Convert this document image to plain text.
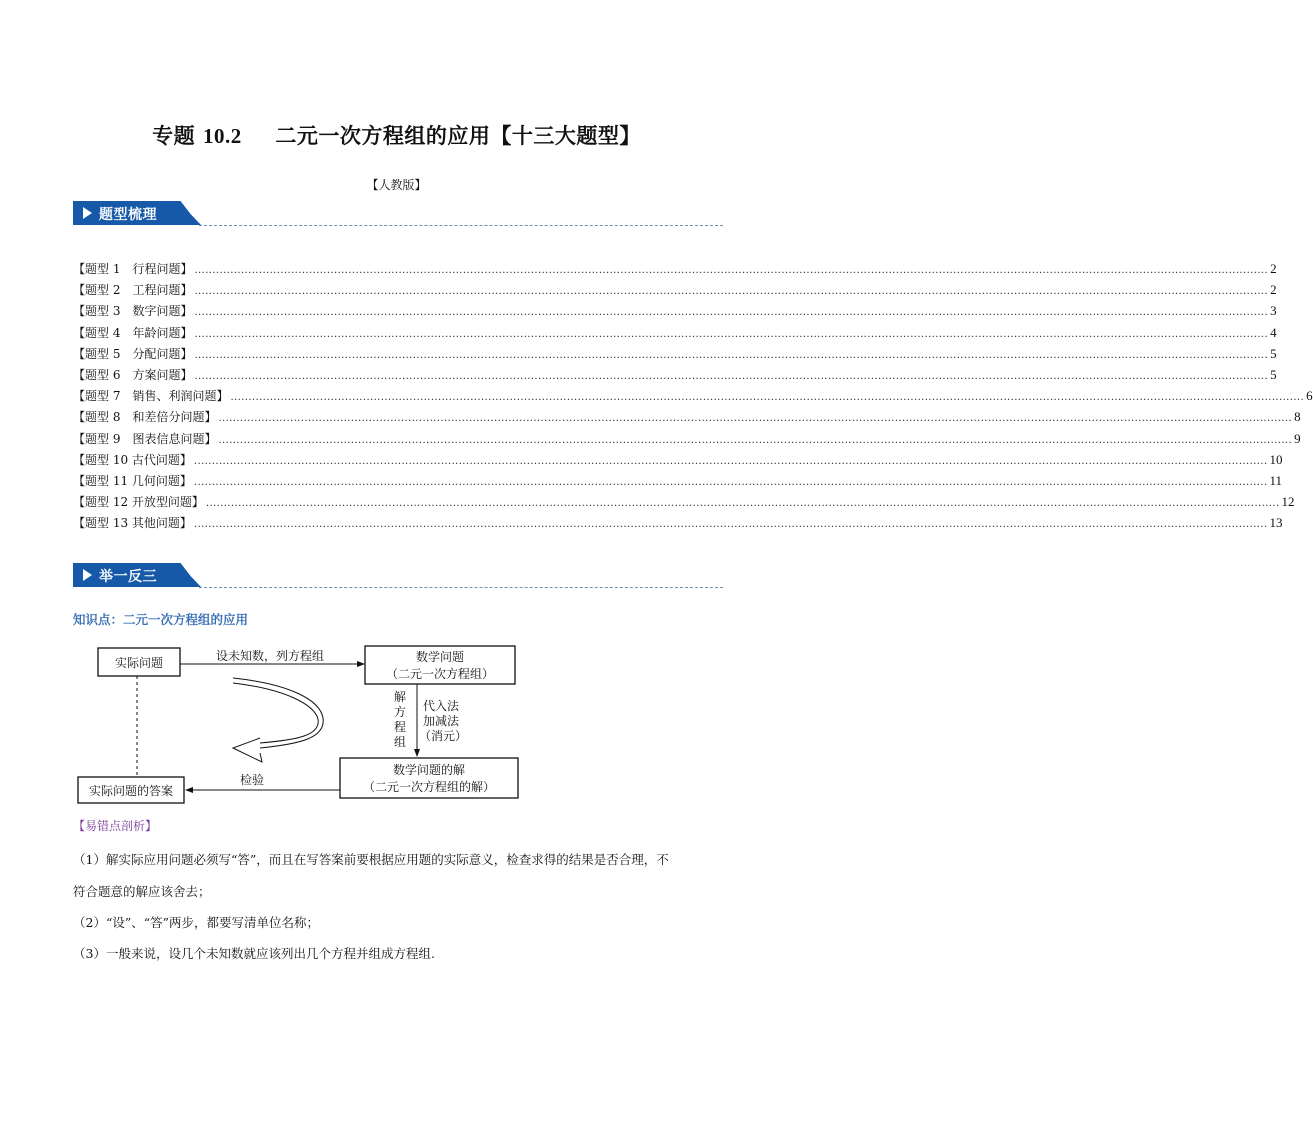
专题 10.2 二元一次方程组的应用【十三大题型】
【人教版】
题型梳理
【题型 1　行程问题】 ............................................................................................................................................................................................................................................................................................................ 2
【题型 2　工程问题】 ............................................................................................................................................................................................................................................................................................................ 2
【题型 3　数字问题】 ............................................................................................................................................................................................................................................................................................................ 3
【题型 4　年龄问题】 ............................................................................................................................................................................................................................................................................................................ 4
【题型 5　分配问题】 ............................................................................................................................................................................................................................................................................................................ 5
【题型 6　方案问题】 ............................................................................................................................................................................................................................................................................................................ 5
【题型 7　销售、利润问题】 ............................................................................................................................................................................................................................................................................................................ 6
【题型 8　和差倍分问题】 ............................................................................................................................................................................................................................................................................................................ 8
【题型 9　图表信息问题】 ............................................................................................................................................................................................................................................................................................................ 9
【题型 10 古代问题】 ............................................................................................................................................................................................................................................................................................................ 10
【题型 11 几何问题】 ............................................................................................................................................................................................................................................................................................................ 11
【题型 12 开放型问题】 ............................................................................................................................................................................................................................................................................................................ 12
【题型 13 其他问题】 ............................................................................................................................................................................................................................................................................................................ 13
举一反三
知识点：二元一次方程组的应用
实际问题	设未知数，列方程组	数学问题
（二元一次方程组）
解
方
程
组
代入法
加减法
（消元）
数学问题的解
（二元一次方程组的解）
检验
实际问题的答案
【易错点剖析】
（1）解实际应用问题必须写“答”，而且在写答案前要根据应用题的实际意义，检查求得的结果是否合理，不
符合题意的解应该舍去；
（2）“设”、“答”两步，都要写清单位名称；
（3）一般来说，设几个未知数就应该列出几个方程并组成方程组.
